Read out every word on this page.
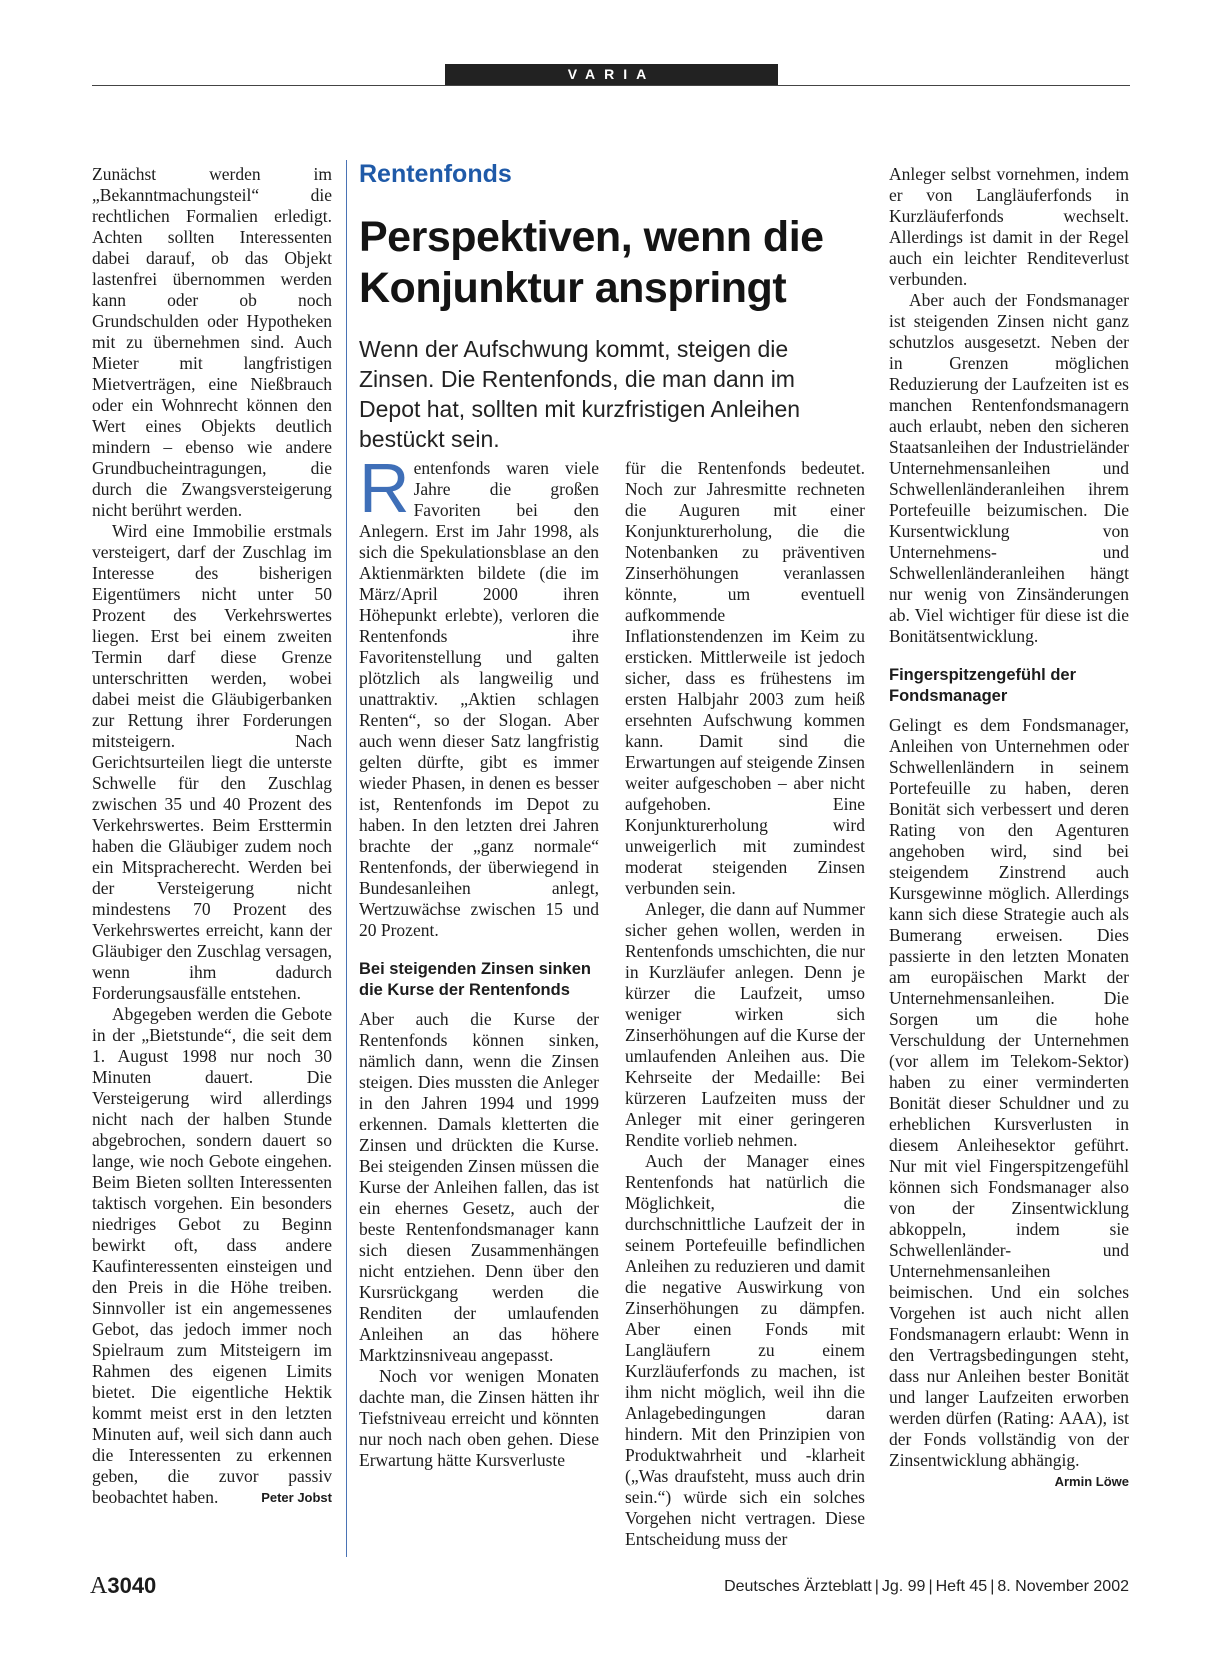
VARIA

Zunächst werden im „Bekanntmachungsteil“ die rechtlichen Formalien erledigt. Achten sollten Interessenten dabei darauf, ob das Objekt lastenfrei übernommen werden kann oder ob noch Grundschulden oder Hypotheken mit zu übernehmen sind. Auch Mieter mit langfristigen Mietverträgen, eine Nießbrauch oder ein Wohnrecht können den Wert eines Objekts deutlich mindern – ebenso wie andere Grundbucheintragungen, die durch die Zwangsversteigerung nicht berührt werden.

Wird eine Immobilie erstmals versteigert, darf der Zuschlag im Interesse des bisherigen Eigentümers nicht unter 50 Prozent des Verkehrswertes liegen. Erst bei einem zweiten Termin darf diese Grenze unterschritten werden, wobei dabei meist die Gläubigerbanken zur Rettung ihrer Forderungen mitsteigern. Nach Gerichtsurteilen liegt die unterste Schwelle für den Zuschlag zwischen 35 und 40 Prozent des Verkehrswertes. Beim Ersttermin haben die Gläubiger zudem noch ein Mitspracherecht. Werden bei der Versteigerung nicht mindestens 70 Prozent des Verkehrswertes erreicht, kann der Gläubiger den Zuschlag versagen, wenn ihm dadurch Forderungsausfälle entstehen.

Abgegeben werden die Gebote in der „Bietstunde“, die seit dem 1. August 1998 nur noch 30 Minuten dauert. Die Versteigerung wird allerdings nicht nach der halben Stunde abgebrochen, sondern dauert so lange, wie noch Gebote eingehen. Beim Bieten sollten Interessenten taktisch vorgehen. Ein besonders niedriges Gebot zu Beginn bewirkt oft, dass andere Kaufinteressenten einsteigen und den Preis in die Höhe treiben. Sinnvoller ist ein angemessenes Gebot, das jedoch immer noch Spielraum zum Mitsteigern im Rahmen des eigenen Limits bietet. Die eigentliche Hektik kommt meist erst in den letzten Minuten auf, weil sich dann auch die Interessenten zu erkennen geben, die zuvor passiv beobachtet haben.	Peter Jobst

Rentenfonds
Perspektiven, wenn die Konjunktur anspringt
Wenn der Aufschwung kommt, steigen die Zinsen. Die Rentenfonds, die man dann im Depot hat, sollten mit kurzfristigen Anleihen bestückt sein.

Rentenfonds waren viele Jahre die großen Favoriten bei den Anlegern. Erst im Jahr 1998, als sich die Spekulationsblase an den Aktienmärkten bildete (die im März/April 2000 ihren Höhepunkt erlebte), verloren die Rentenfonds ihre Favoritenstellung und galten plötzlich als langweilig und unattraktiv. „Aktien schlagen Renten“, so der Slogan. Aber auch wenn dieser Satz langfristig gelten dürfte, gibt es immer wieder Phasen, in denen es besser ist, Rentenfonds im Depot zu haben. In den letzten drei Jahren brachte der „ganz normale“ Rentenfonds, der überwiegend in Bundesanleihen anlegt, Wertzuwächse zwischen 15 und 20 Prozent.

Bei steigenden Zinsen sinken die Kurse der Rentenfonds

Aber auch die Kurse der Rentenfonds können sinken, nämlich dann, wenn die Zinsen steigen. Dies mussten die Anleger in den Jahren 1994 und 1999 erkennen. Damals kletterten die Zinsen und drückten die Kurse. Bei steigenden Zinsen müssen die Kurse der Anleihen fallen, das ist ein ehernes Gesetz, auch der beste Rentenfondsmanager kann sich diesen Zusammenhängen nicht entziehen. Denn über den Kursrückgang werden die Renditen der umlaufenden Anleihen an das höhere Marktzinsniveau angepasst.

Noch vor wenigen Monaten dachte man, die Zinsen hätten ihr Tiefstniveau erreicht und könnten nur noch nach oben gehen. Diese Erwartung hätte Kursverluste

für die Rentenfonds bedeutet. Noch zur Jahresmitte rechneten die Auguren mit einer Konjunkturerholung, die die Notenbanken zu präventiven Zinserhöhungen veranlassen könnte, um eventuell aufkommende Inflationstendenzen im Keim zu ersticken. Mittlerweile ist jedoch sicher, dass es frühestens im ersten Halbjahr 2003 zum heiß ersehnten Aufschwung kommen kann. Damit sind die Erwartungen auf steigende Zinsen weiter aufgeschoben – aber nicht aufgehoben. Eine Konjunkturerholung wird unweigerlich mit zumindest moderat steigenden Zinsen verbunden sein.

Anleger, die dann auf Nummer sicher gehen wollen, werden in Rentenfonds umschichten, die nur in Kurzläufer anlegen. Denn je kürzer die Laufzeit, umso weniger wirken sich Zinserhöhungen auf die Kurse der umlaufenden Anleihen aus. Die Kehrseite der Medaille: Bei kürzeren Laufzeiten muss der Anleger mit einer geringeren Rendite vorlieb nehmen.

Auch der Manager eines Rentenfonds hat natürlich die Möglichkeit, die durchschnittliche Laufzeit der in seinem Portefeuille befindlichen Anleihen zu reduzieren und damit die negative Auswirkung von Zinserhöhungen zu dämpfen. Aber einen Fonds mit Langläufern zu einem Kurzläuferfonds zu machen, ist ihm nicht möglich, weil ihn die Anlagebedingungen daran hindern. Mit den Prinzipien von Produktwahrheit und -klarheit („Was draufsteht, muss auch drin sein.“) würde sich ein solches Vorgehen nicht vertragen. Diese Entscheidung muss der

Anleger selbst vornehmen, indem er von Langläuferfonds in Kurzläuferfonds wechselt. Allerdings ist damit in der Regel auch ein leichter Renditeverlust verbunden.

Aber auch der Fondsmanager ist steigenden Zinsen nicht ganz schutzlos ausgesetzt. Neben der in Grenzen möglichen Reduzierung der Laufzeiten ist es manchen Rentenfondsmanagern auch erlaubt, neben den sicheren Staatsanleihen der Industrieländer Unternehmensanleihen und Schwellenländeranleihen ihrem Portefeuille beizumischen. Die Kursentwicklung von Unternehmens- und Schwellenländeranleihen hängt nur wenig von Zinsänderungen ab. Viel wichtiger für diese ist die Bonitätsentwicklung.

Fingerspitzengefühl der Fondsmanager

Gelingt es dem Fondsmanager, Anleihen von Unternehmen oder Schwellenländern in seinem Portefeuille zu haben, deren Bonität sich verbessert und deren Rating von den Agenturen angehoben wird, sind bei steigendem Zinstrend auch Kursgewinne möglich. Allerdings kann sich diese Strategie auch als Bumerang erweisen. Dies passierte in den letzten Monaten am europäischen Markt der Unternehmensanleihen. Die Sorgen um die hohe Verschuldung der Unternehmen (vor allem im Telekom-Sektor) haben zu einer verminderten Bonität dieser Schuldner und zu erheblichen Kursverlusten in diesem Anleihesektor geführt. Nur mit viel Fingerspitzengefühl können sich Fondsmanager also von der Zinsentwicklung abkoppeln, indem sie Schwellenländer- und Unternehmensanleihen beimischen. Und ein solches Vorgehen ist auch nicht allen Fondsmanagern erlaubt: Wenn in den Vertragsbedingungen steht, dass nur Anleihen bester Bonität und langer Laufzeiten erworben werden dürfen (Rating: AAA), ist der Fonds vollständig von der Zinsentwicklung abhängig.
Armin Löwe

A3040	Deutsches Ärzteblatt | Jg. 99 | Heft 45 | 8. November 2002
